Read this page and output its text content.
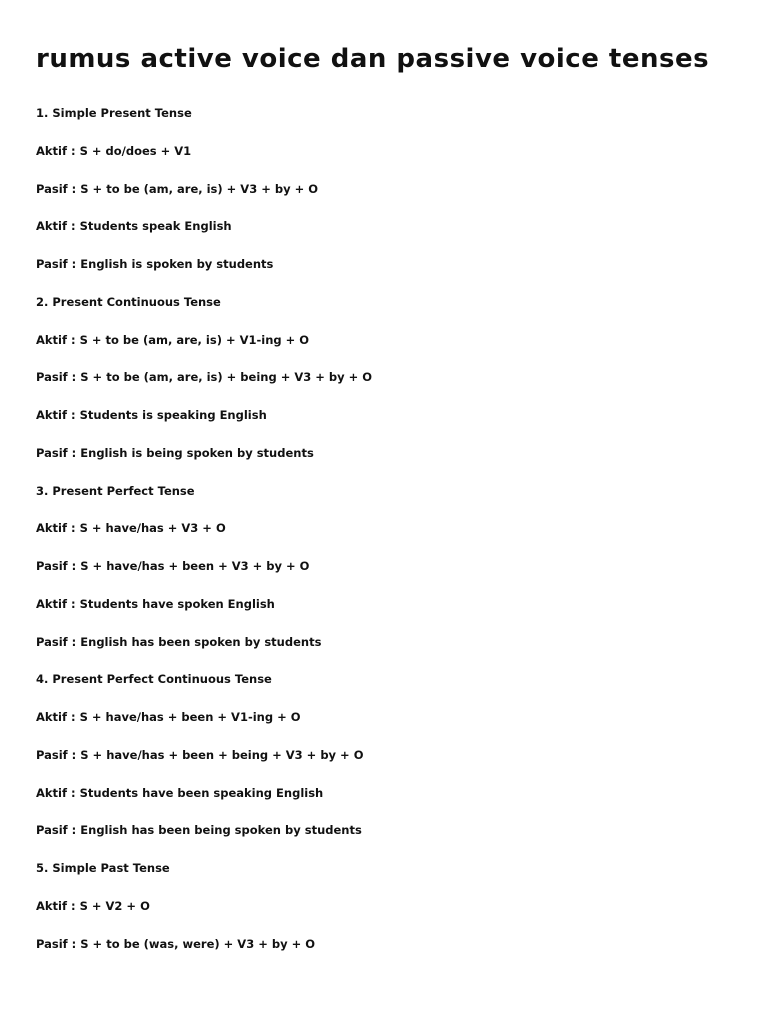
rumus active voice dan passive voice tenses
1. Simple Present Tense
Aktif : S + do/does + V1
Pasif : S + to be (am, are, is) + V3 + by + O
Aktif : Students speak English
Pasif : English is spoken by students
2. Present Continuous Tense
Aktif : S + to be (am, are, is) + V1-ing + O
Pasif : S + to be (am, are, is) + being + V3 + by + O
Aktif : Students is speaking English
Pasif : English is being spoken by students
3. Present Perfect Tense
Aktif : S + have/has + V3 + O
Pasif : S + have/has + been + V3 + by + O
Aktif : Students have spoken English
Pasif : English has been spoken by students
4. Present Perfect Continuous Tense
Aktif : S + have/has + been + V1-ing + O
Pasif : S + have/has + been + being + V3 + by + O
Aktif : Students have been speaking English
Pasif : English has been being spoken by students
5. Simple Past Tense
Aktif : S + V2 + O
Pasif : S + to be (was, were) + V3 + by + O
